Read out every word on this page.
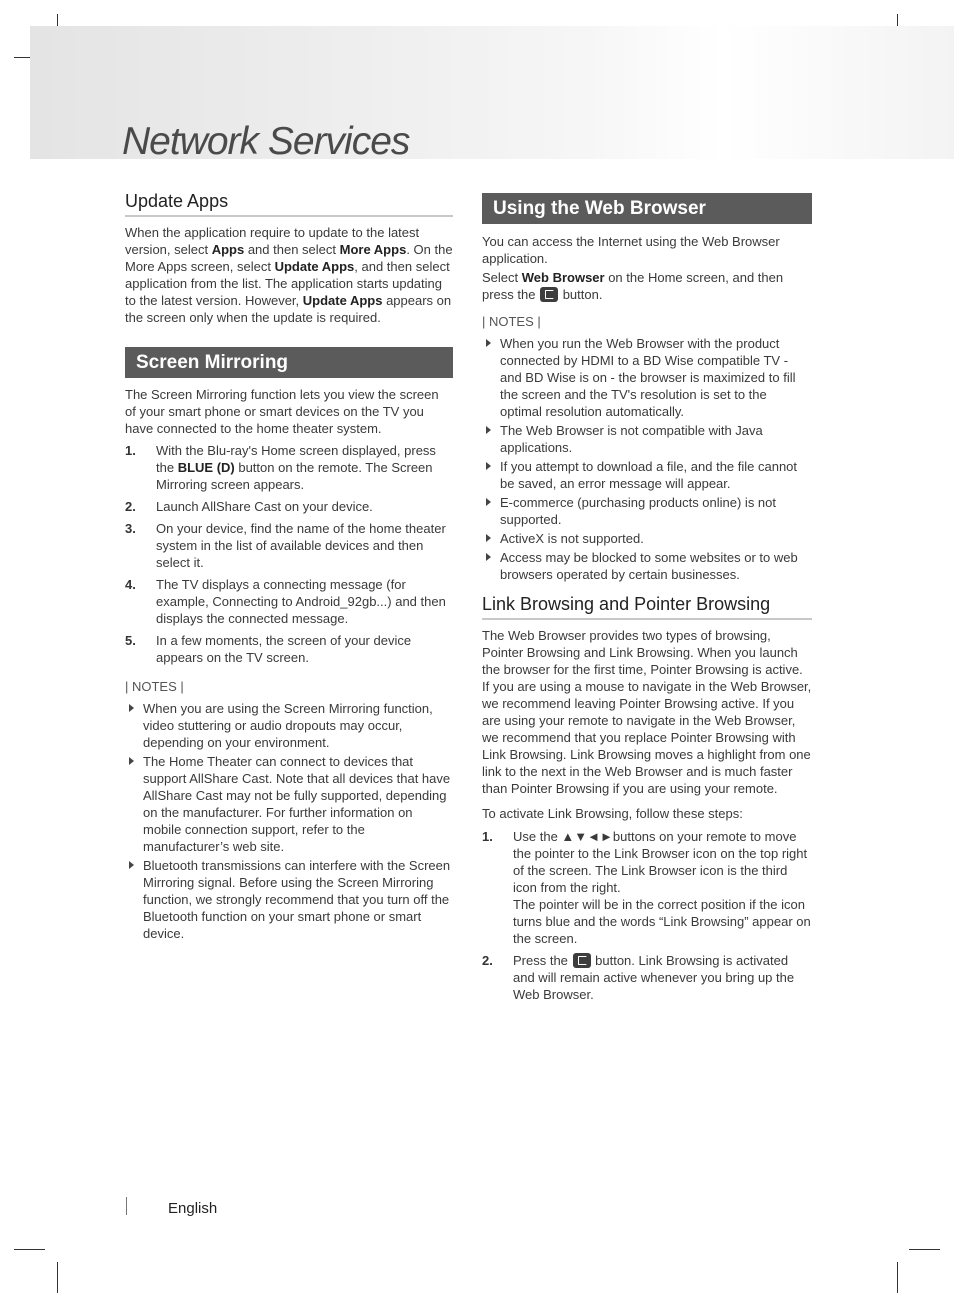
Network Services
Update Apps

When the application require to update to the latest version, select Apps and then select More Apps. On the More Apps screen, select Update Apps, and then select application from the list. The application starts updating to the latest version. However, Update Apps appears on the screen only when the update is required.

Screen Mirroring

The Screen Mirroring function lets you view the screen of your smart phone or smart devices on the TV you have connected to the home theater system.

1. With the Blu-ray's Home screen displayed, press the BLUE (D) button on the remote. The Screen Mirroring screen appears.
2. Launch AllShare Cast on your device.
3. On your device, find the name of the home theater system in the list of available devices and then select it.
4. The TV displays a connecting message (for example, Connecting to Android_92gb...) and then displays the connected message.
5. In a few moments, the screen of your device appears on the TV screen.

| NOTES |

When you are using the Screen Mirroring function, video stuttering or audio dropouts may occur, depending on your environment.
The Home Theater can connect to devices that support AllShare Cast. Note that all devices that have AllShare Cast may not be fully supported, depending on the manufacturer. For further information on mobile connection support, refer to the manufacturer’s web site.
Bluetooth transmissions can interfere with the Screen Mirroring signal. Before using the Screen Mirroring function, we strongly recommend that you turn off the Bluetooth function on your smart phone or smart device.
Using the Web Browser

You can access the Internet using the Web Browser application.

Select Web Browser on the Home screen, and then press the  button.

| NOTES |

When you run the Web Browser with the product connected by HDMI to a BD Wise compatible TV - and BD Wise is on - the browser is maximized to fill the screen and the TV's resolution is set to the optimal resolution automatically.
The Web Browser is not compatible with Java applications.
If you attempt to download a file, and the file cannot be saved, an error message will appear.
E-commerce (purchasing products online) is not supported.
ActiveX is not supported.
Access may be blocked to some websites or to web browsers operated by certain businesses.
Link Browsing and Pointer Browsing

The Web Browser provides two types of browsing, Pointer Browsing and Link Browsing. When you launch the browser for the first time, Pointer Browsing is active. If you are using a mouse to navigate in the Web Browser, we recommend leaving Pointer Browsing active. If you are using your remote to navigate in the Web Browser, we recommend that you replace Pointer Browsing with Link Browsing. Link Browsing moves a highlight from one link to the next in the Web Browser and is much faster than Pointer Browsing if you are using your remote.

To activate Link Browsing, follow these steps:

1. Use the ▲▼◄►buttons on your remote to move the pointer to the Link Browser icon on the top right of the screen. The Link Browser icon is the third icon from the right.
The pointer will be in the correct position if the icon turns blue and the words “Link Browsing” appear on the screen.
2. Press the  button. Link Browsing is activated and will remain active whenever you bring up the Web Browser.
English
